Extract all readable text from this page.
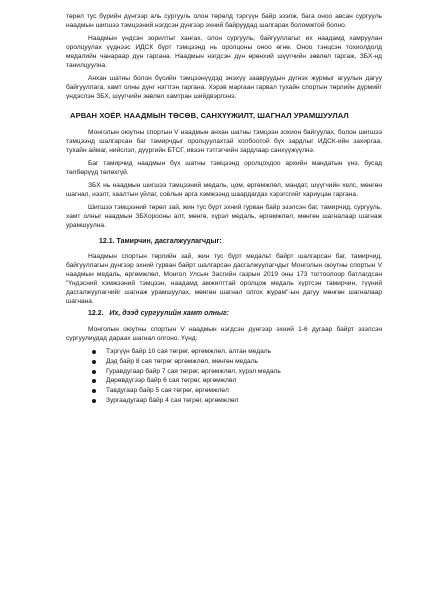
төрөл тус бүрийн дүнгээр аль сургууль олон төрөлд тэргүүн байр эзэлж, бага оноо авсан сургууль наадмын шигшээ тэмцээний нэгдсэн дүнгээр эхний байруудад шалгарах боломжтой болно.

Наадмын үндсэн зорилтыг хангах, олон сургууль, байгууллагыг их наадамд хамруулан оролцуулах үүднээс ИДСК бүрт тэмцээнд нь оролцоны оноо өгнө. Оноо тэнцсэн тохиолдолд медалийн чанараар дүн гаргана. Наадмын нэгдсэн дүн өрөнхий шүүгчийн зөвлөл гаргаж, ЗБХ-нд танилцуулна.

Анхан шатны болон бүсийн тэмцээнүүдэд энэхүү заавруудын дүгнэх журмыг агуулын дагуу байгууллага, хамт олны дүнг нэгтгэн гаргана. Хэрэв маргаан гарвал тухайн спортын төрлийн дүрмийг үндэслэн ЗБХ, шүүгчийн зөвлөл хамтран шийдвэрлэнэ.

АРВАН ХОЁР. НААДМЫН ТӨСӨВ, САНХҮҮЖИЛТ, ШАГНАЛ УРАМШУУЛАЛ

Монголын оюутны спортын V наадмын анхан шатны тэмцээн зохион байгуулах, болон шигшээ тэмцээнд шалгарсан баг тамирчдыг оролцуулахтай холбоотой бүх зардлыг ИДСК-ийн захиргаа, тухайн аймаг, нийслэл, дүүргийн БТСГ, ивээн тэтгэгчийн зардлаар санхүүжүүлнэ.

Баг тамирчид наадмын бүх шатны тэмцээнд оролцохдоо архийн мандатын үнэ, бусад төлбөрүүд төлөхгүй.

ЗБХ нь наадмын шигшээ тэмцээний медаль, цом, өргөмжлөл, мандат, шүүгчийн хелс, мөнгөн шагнал, нээлт, хаалтын үйлаг, соёлын арга хэмжээнд шаардагдах хэрэгсгийг хариуцан гаргана.

Шигшээ тэмцээний төрөл зай, жин тус бүрт эхний гурван байр эзэлсэн баг, тамирчид, сургууль, хамт олныг наадмын ЗБХорооны алт, мөнгө, хүрэл медаль, өргөмжлөл, мөнгөн шагналаар шагнаж урамшуулна.

12.1. Тамирчин, дасгалжуулагчдыг:

Наадмын спортын төрлийн зай, жин тус бүрт медальт байрт шалгарсан баг, тамирчид, байгууллагын дүнгээр эхний гурван байрт шалгарсан дасгалжуулагчдыг Монголын оюутны спортын V наадмын медаль, өргөмжлөл, Монгол Улсын Засгийн газрын 2019 оны 173 тогтоолоор батлагдсан "Үндэсний хэмжээний тэмцээн, наадамд амжилттай оролцож медаль хүртсэн тамирчин, түүний дасгалжуулагчийг шагнаж урамшуулах, мөнгөн шагнал олгох журам"-ын дагуу мөнгөн шагналаар шагнана.

12.2. Их, дээд сургуулийн хамт олныг:

Монголын оюутны спортын V наадмын нэгдсэн дүнгээр эхний 1-6 дугаар байрт эзэлсэн сургуулиудад дараах шагнал олгоно. Үүнд:

Тэргүүн байр 10 сая төгрөг, өргөмжлөл, алтан медаль
Дэд байр 8 сая төгрөг өргөмжлөл, мөнгөн медаль
Гуравдугаар байр 7 сая төгрөг, өргөмжлөл, хүрэл медаль
Дөрөвдүгээр байр 6 сая төгрөг, өргөмжлөл
Тавдугаар байр 5 сая төгрөг, өргөмжлөл
Зургаадугаар байр 4 сая төгрөг, өргөмжлөл
